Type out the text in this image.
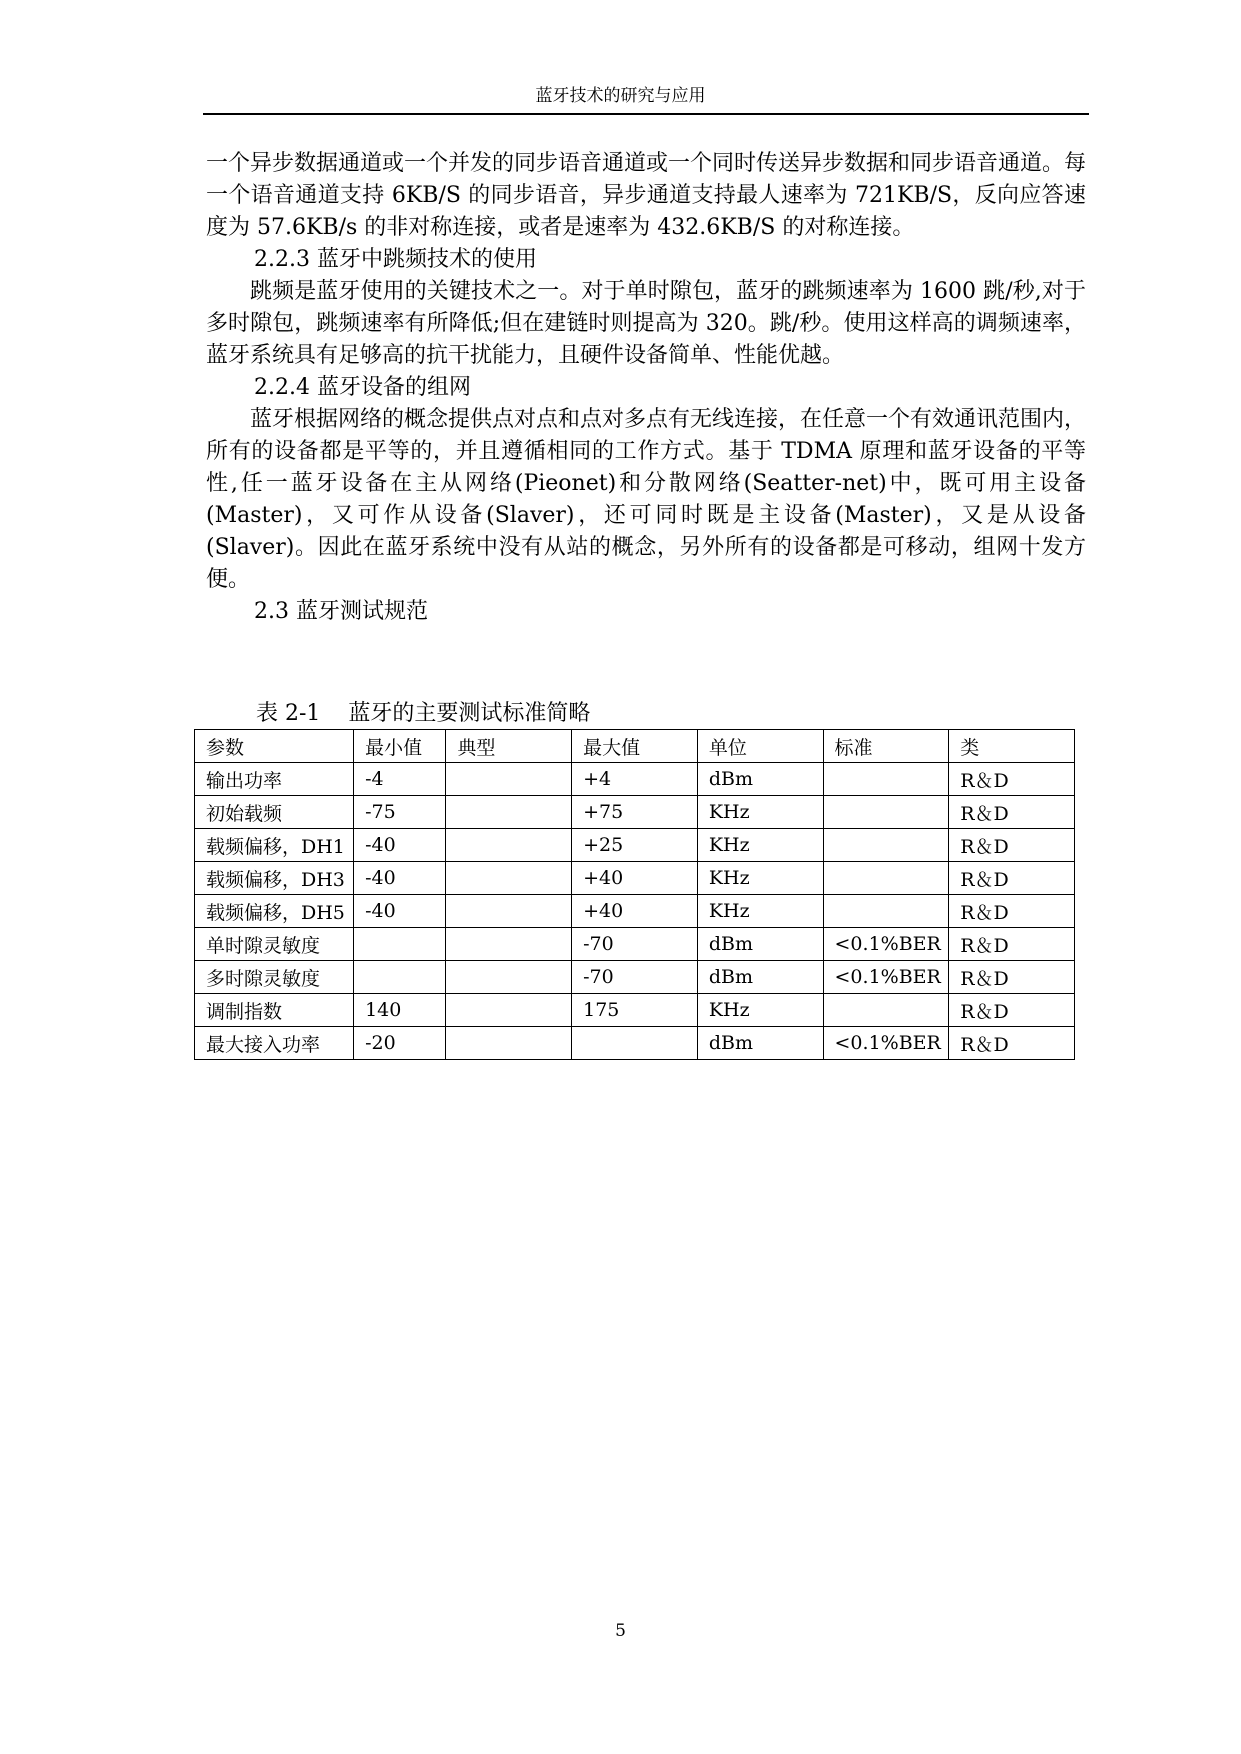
蓝牙技术的研究与应用

一个异步数据通道或一个并发的同步语音通道或一个同时传送异步数据和同步语音通道。每一个语音通道支持 6KB/S 的同步语音，异步通道支持最人速率为 721KB/S，反向应答速度为 57.6KB/s 的非对称连接，或者是速率为 432.6KB/S 的对称连接。

2.2.3 蓝牙中跳频技术的使用

跳频是蓝牙使用的关键技术之一。对于单时隙包，蓝牙的跳频速率为 1600 跳/秒,对于多时隙包，跳频速率有所降低;但在建链时则提高为 320。跳/秒。使用这样高的调频速率，蓝牙系统具有足够高的抗干扰能力，且硬件设备简单、性能优越。

2.2.4 蓝牙设备的组网

蓝牙根据网络的概念提供点对点和点对多点有无线连接，在任意一个有效通讯范围内，所有的设备都是平等的，并且遵循相同的工作方式。基于 TDMA 原理和蓝牙设备的平等性,任一蓝牙设备在主从网络(Pieonet)和分散网络(Seatter-net)中，既可用主设备(Master)，又可作从设备(Slaver)，还可同时既是主设备(Master)，又是从设备(Slaver)。因此在蓝牙系统中没有从站的概念，另外所有的设备都是可移动，组网十发方便。

2.3 蓝牙测试规范

表 2-1    蓝牙的主要测试标准简略
参数	最小值	典型	最大值	单位	标准	类
输出功率	-4		+4	dBm		R＆D
初始载频	-75		+75	KHz		R＆D
载频偏移，DH1	-40		+25	KHz		R＆D
载频偏移，DH3	-40		+40	KHz		R＆D
载频偏移，DH5	-40		+40	KHz		R＆D
单时隙灵敏度			-70	dBm	<0.1%BER	R＆D
多时隙灵敏度			-70	dBm	<0.1%BER	R＆D
调制指数	140		175	KHz		R＆D
最大接入功率	-20			dBm	<0.1%BER	R＆D
5
